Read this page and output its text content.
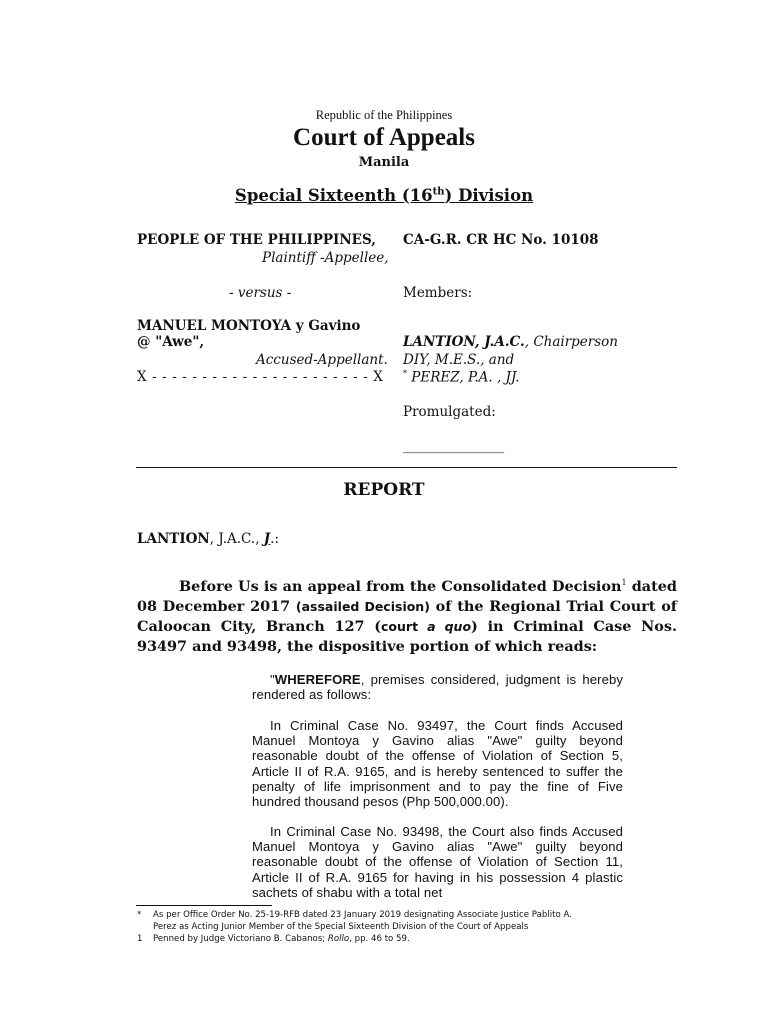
Republic of the Philippines
Court of Appeals
Manila
Special Sixteenth (16th) Division
PEOPLE OF THE PHILIPPINES,
Plaintiff -Appellee,
- versus -
MANUEL MONTOYA y Gavino
@ "Awe",
Accused-Appellant.
X - - - - - - - - - - - - - - - - - - - - - - X
CA-G.R. CR HC No. 10108
Members:
LANTION, J.A.C., Chairperson
DIY, M.E.S., and
* PEREZ, P.A. , JJ.
Promulgated:
_______________
REPORT
LANTION, J.A.C., J.:
Before Us is an appeal from the Consolidated Decision$^1$ dated 08 December 2017 (assailed Decision) of the Regional Trial Court of Caloocan City, Branch 127 (court a quo) in Criminal Case Nos. 93497 and 93498, the dispositive portion of which reads:
"WHEREFORE, premises considered, judgment is hereby rendered as follows:
In Criminal Case No. 93497, the Court finds Accused Manuel Montoya y Gavino alias "Awe" guilty beyond reasonable doubt of the offense of Violation of Section 5, Article II of R.A. 9165, and is hereby sentenced to suffer the penalty of life imprisonment and to pay the fine of Five hundred thousand pesos (Php 500,000.00).
In Criminal Case No. 93498, the Court also finds Accused Manuel Montoya y Gavino alias "Awe" guilty beyond reasonable doubt of the offense of Violation of Section 11, Article II of R.A. 9165 for having in his possession 4 plastic sachets of shabu with a total net
* As per Office Order No. 25-19-RFB dated 23 January 2019 designating Associate Justice Pablito A.
Perez as Acting Junior Member of the Special Sixteenth Division of the Court of Appeals
1 Penned by Judge Victoriano B. Cabanos; Rollo, pp. 46 to 59.
